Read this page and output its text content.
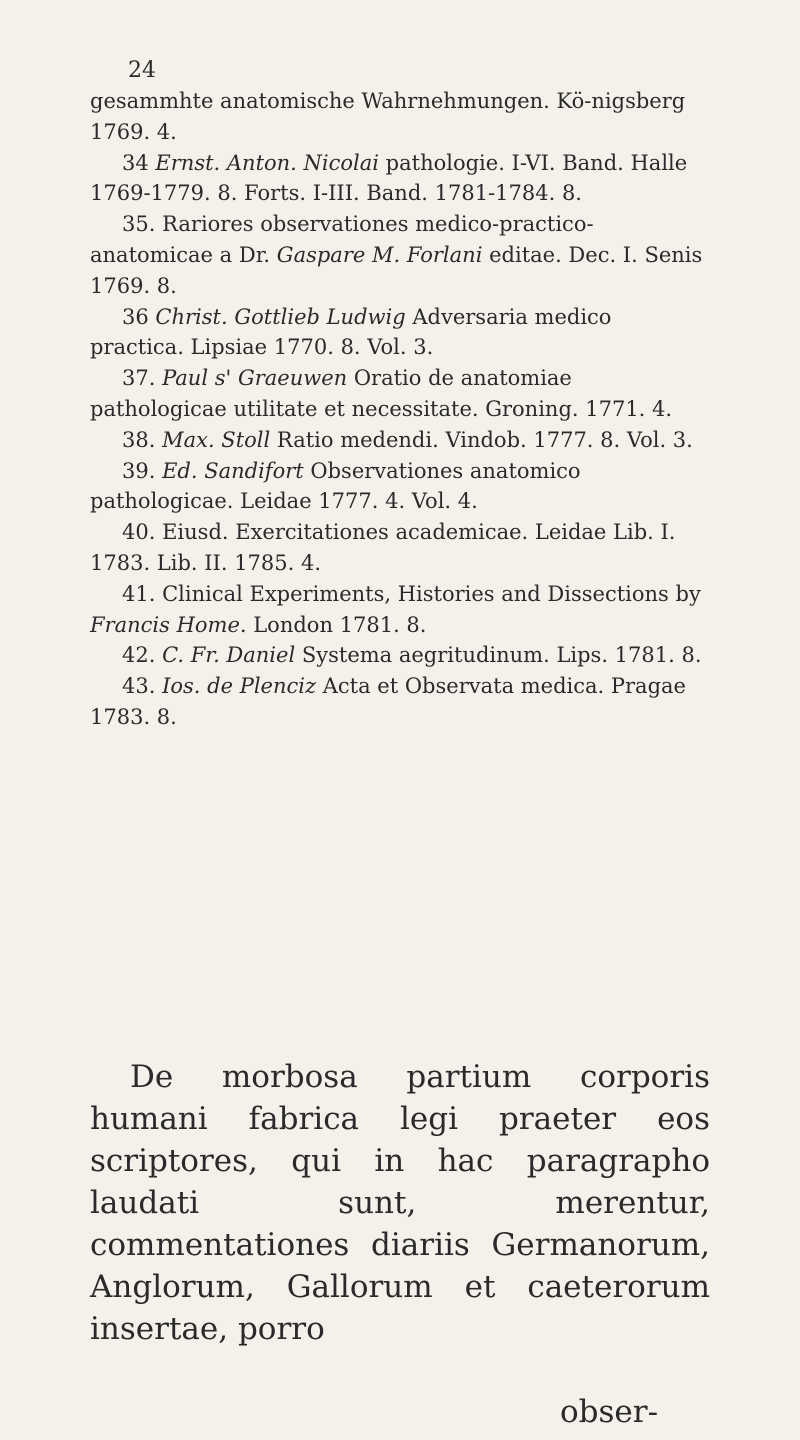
24

gesammhte anatomische Wahrnehmungen. Kö-nigsberg 1769. 4.

34 Ernst. Anton. Nicolai pathologie. I-VI. Band. Halle 1769-1779. 8. Forts. I-III. Band. 1781-1784. 8.

35. Rariores observationes medico-practico-anatomicae a Dr. Gaspare M. Forlani editae. Dec. I. Senis 1769. 8.

36 Christ. Gottlieb Ludwig Adversaria medico practica. Lipsiae 1770. 8. Vol. 3.

37. Paul s' Graeuwen Oratio de anatomiae pathologicae utilitate et necessitate. Groning. 1771. 4.

38. Max. Stoll Ratio medendi. Vindob. 1777. 8. Vol. 3.

39. Ed. Sandifort Observationes anatomico pathologicae. Leidae 1777. 4. Vol. 4.

40. Eiusd. Exercitationes academicae. Leidae Lib. I. 1783. Lib. II. 1785. 4.

41. Clinical Experiments, Histories and Dissections by Francis Home. London 1781. 8.

42. C. Fr. Daniel Systema aegritudinum. Lips. 1781. 8.

43. Ios. de Plenciz Acta et Observata medica. Pragae 1783. 8.

De morbosa partium corporis humani fabrica legi praeter eos scriptores, qui in hac paragrapho laudati sunt, merentur, commentationes diariis Germanorum, Anglorum, Gallorum et caeterorum insertae, porro

obser-
